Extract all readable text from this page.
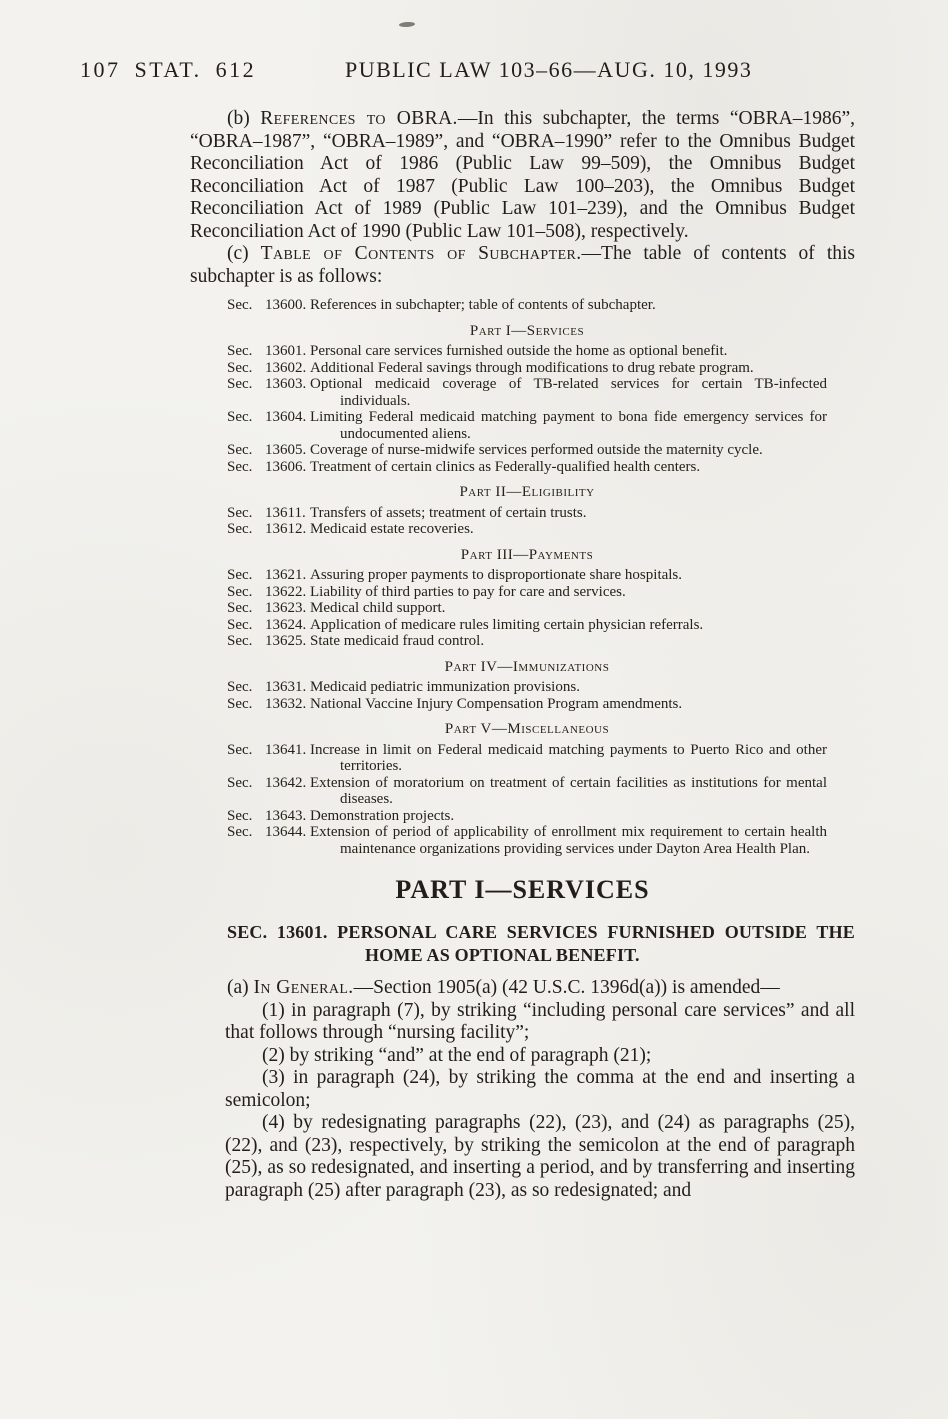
107 STAT. 612	PUBLIC LAW 103–66—AUG. 10, 1993

(b) References to OBRA.—In this subchapter, the terms “OBRA–1986”, “OBRA–1987”, “OBRA–1989”, and “OBRA–1990” refer to the Omnibus Budget Reconciliation Act of 1986 (Public Law 99–509), the Omnibus Budget Reconciliation Act of 1987 (Public Law 100–203), the Omnibus Budget Reconciliation Act of 1989 (Public Law 101–239), and the Omnibus Budget Reconciliation Act of 1990 (Public Law 101–508), respectively.

(c) Table of Contents of Subchapter.—The table of contents of this subchapter is as follows:

Sec. 13600. References in subchapter; table of contents of subchapter.
Part I—Services
Sec. 13601. Personal care services furnished outside the home as optional benefit.
Sec. 13602. Additional Federal savings through modifications to drug rebate program.
Sec. 13603. Optional medicaid coverage of TB-related services for certain TB-infected individuals.
Sec. 13604. Limiting Federal medicaid matching payment to bona fide emergency services for undocumented aliens.
Sec. 13605. Coverage of nurse-midwife services performed outside the maternity cycle.
Sec. 13606. Treatment of certain clinics as Federally-qualified health centers.
Part II—Eligibility
Sec. 13611. Transfers of assets; treatment of certain trusts.
Sec. 13612. Medicaid estate recoveries.
Part III—Payments
Sec. 13621. Assuring proper payments to disproportionate share hospitals.
Sec. 13622. Liability of third parties to pay for care and services.
Sec. 13623. Medical child support.
Sec. 13624. Application of medicare rules limiting certain physician referrals.
Sec. 13625. State medicaid fraud control.
Part IV—Immunizations
Sec. 13631. Medicaid pediatric immunization provisions.
Sec. 13632. National Vaccine Injury Compensation Program amendments.
Part V—Miscellaneous
Sec. 13641. Increase in limit on Federal medicaid matching payments to Puerto Rico and other territories.
Sec. 13642. Extension of moratorium on treatment of certain facilities as institutions for mental diseases.
Sec. 13643. Demonstration projects.
Sec. 13644. Extension of period of applicability of enrollment mix requirement to certain health maintenance organizations providing services under Dayton Area Health Plan.
PART I—SERVICES
SEC. 13601. PERSONAL CARE SERVICES FURNISHED OUTSIDE THE HOME AS OPTIONAL BENEFIT.

(a) In General.—Section 1905(a) (42 U.S.C. 1396d(a)) is amended—

(1) in paragraph (7), by striking “including personal care services” and all that follows through “nursing facility”;

(2) by striking “and” at the end of paragraph (21);

(3) in paragraph (24), by striking the comma at the end and inserting a semicolon;

(4) by redesignating paragraphs (22), (23), and (24) as paragraphs (25), (22), and (23), respectively, by striking the semicolon at the end of paragraph (25), as so redesignated, and inserting a period, and by transferring and inserting paragraph (25) after paragraph (23), as so redesignated; and
